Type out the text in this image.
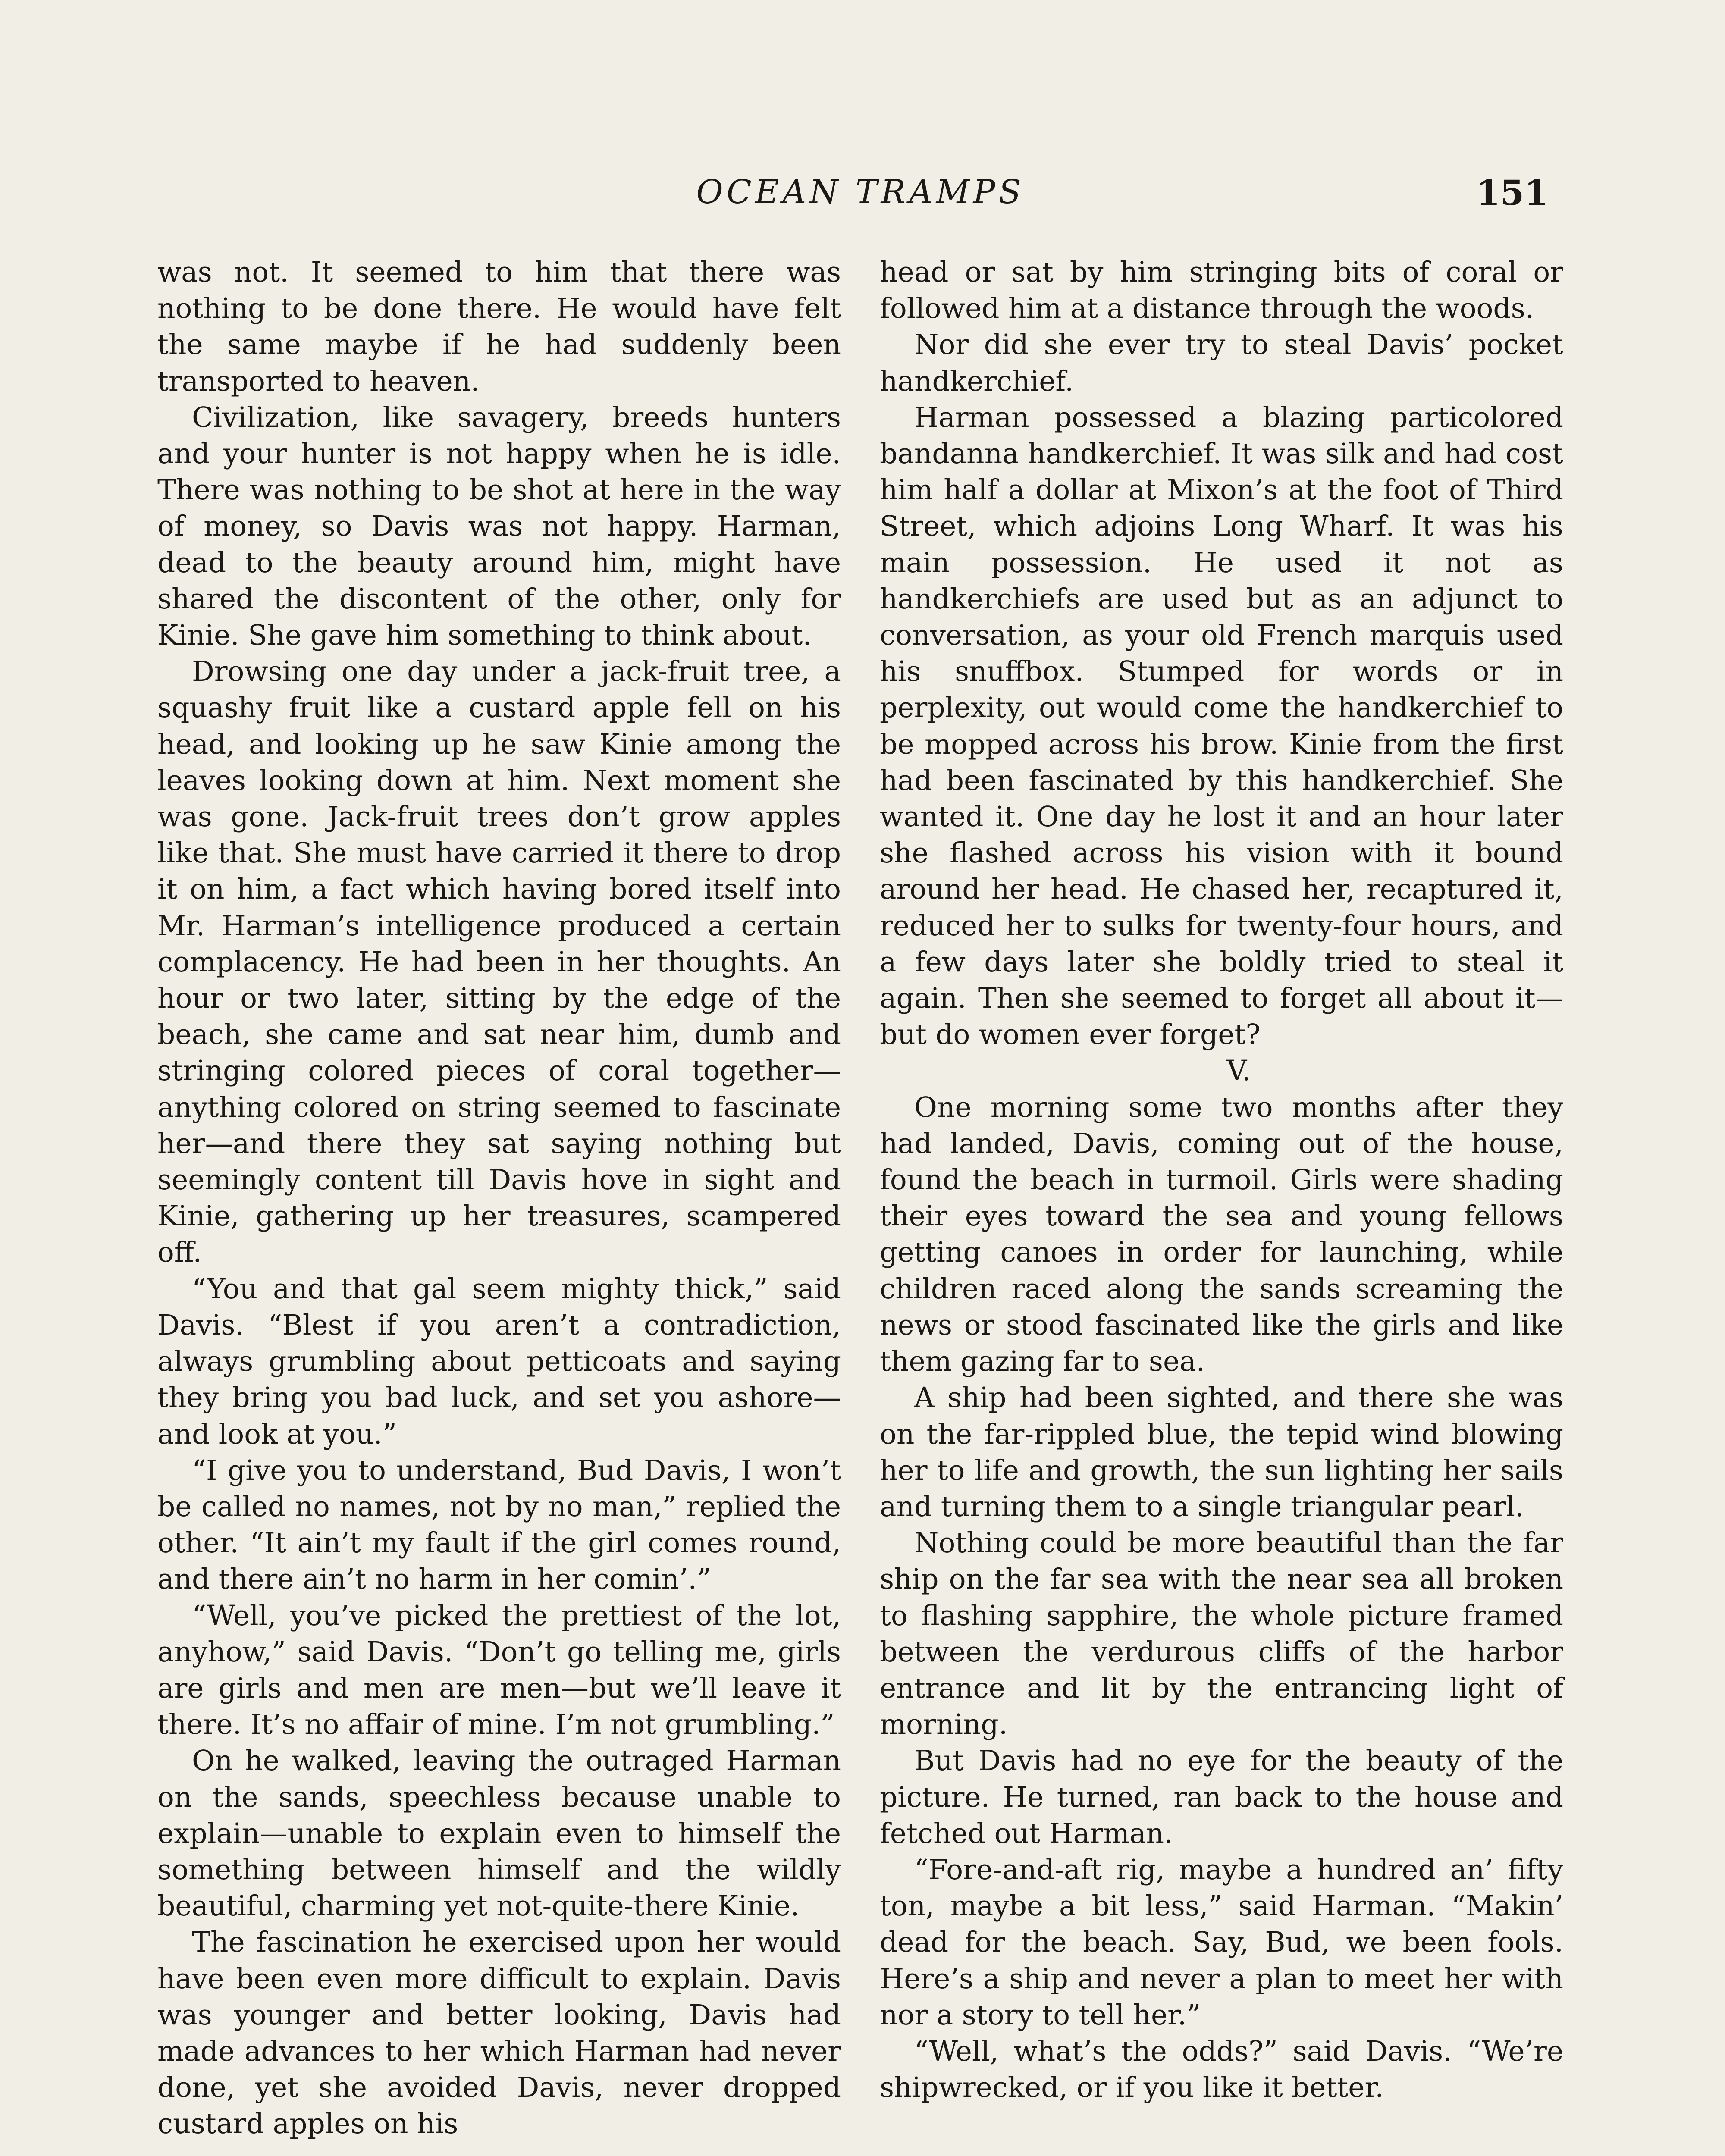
OCEAN TRAMPS	151

was not. It seemed to him that there was nothing to be done there. He would have felt the same maybe if he had suddenly been transported to heaven.

Civilization, like savagery, breeds hunters and your hunter is not happy when he is idle. There was nothing to be shot at here in the way of money, so Davis was not happy. Harman, dead to the beauty around him, might have shared the discontent of the other, only for Kinie. She gave him something to think about.

Drowsing one day under a jack-fruit tree, a squashy fruit like a custard apple fell on his head, and looking up he saw Kinie among the leaves looking down at him. Next moment she was gone. Jack-fruit trees don’t grow apples like that. She must have carried it there to drop it on him, a fact which having bored itself into Mr. Harman’s intelligence produced a certain complacency. He had been in her thoughts. An hour or two later, sitting by the edge of the beach, she came and sat near him, dumb and stringing colored pieces of coral together—anything colored on string seemed to fascinate her—and there they sat saying nothing but seemingly content till Davis hove in sight and Kinie, gathering up her treasures, scampered off.

“You and that gal seem mighty thick,” said Davis. “Blest if you aren’t a contradiction, always grumbling about petticoats and saying they bring you bad luck, and set you ashore—and look at you.”

“I give you to understand, Bud Davis, I won’t be called no names, not by no man,” replied the other. “It ain’t my fault if the girl comes round, and there ain’t no harm in her comin’.”

“Well, you’ve picked the prettiest of the lot, anyhow,” said Davis. “Don’t go telling me, girls are girls and men are men—but we’ll leave it there. It’s no affair of mine. I’m not grumbling.”

On he walked, leaving the outraged Harman on the sands, speechless because unable to explain—unable to explain even to himself the something between himself and the wildly beautiful, charming yet not-quite-there Kinie.

The fascination he exercised upon her would have been even more difficult to explain. Davis was younger and better looking, Davis had made advances to her which Harman had never done, yet she avoided Davis, never dropped custard apples on his

head or sat by him stringing bits of coral or followed him at a distance through the woods.

Nor did she ever try to steal Davis’ pocket handkerchief.

Harman possessed a blazing particolored bandanna handkerchief. It was silk and had cost him half a dollar at Mixon’s at the foot of Third Street, which adjoins Long Wharf. It was his main possession. He used it not as handkerchiefs are used but as an adjunct to conversation, as your old French marquis used his snuffbox. Stumped for words or in perplexity, out would come the handkerchief to be mopped across his brow. Kinie from the first had been fascinated by this handkerchief. She wanted it. One day he lost it and an hour later she flashed across his vision with it bound around her head. He chased her, recaptured it, reduced her to sulks for twenty-four hours, and a few days later she boldly tried to steal it again. Then she seemed to forget all about it—but do women ever forget?

V.

One morning some two months after they had landed, Davis, coming out of the house, found the beach in turmoil. Girls were shading their eyes toward the sea and young fellows getting canoes in order for launching, while children raced along the sands screaming the news or stood fascinated like the girls and like them gazing far to sea.

A ship had been sighted, and there she was on the far-rippled blue, the tepid wind blowing her to life and growth, the sun lighting her sails and turning them to a single triangular pearl.

Nothing could be more beautiful than the far ship on the far sea with the near sea all broken to flashing sapphire, the whole picture framed between the verdurous cliffs of the harbor entrance and lit by the entrancing light of morning.

But Davis had no eye for the beauty of the picture. He turned, ran back to the house and fetched out Harman.

“Fore-and-aft rig, maybe a hundred an’ fifty ton, maybe a bit less,” said Harman. “Makin’ dead for the beach. Say, Bud, we been fools. Here’s a ship and never a plan to meet her with nor a story to tell her.”

“Well, what’s the odds?” said Davis. “We’re shipwrecked, or if you like it better.
